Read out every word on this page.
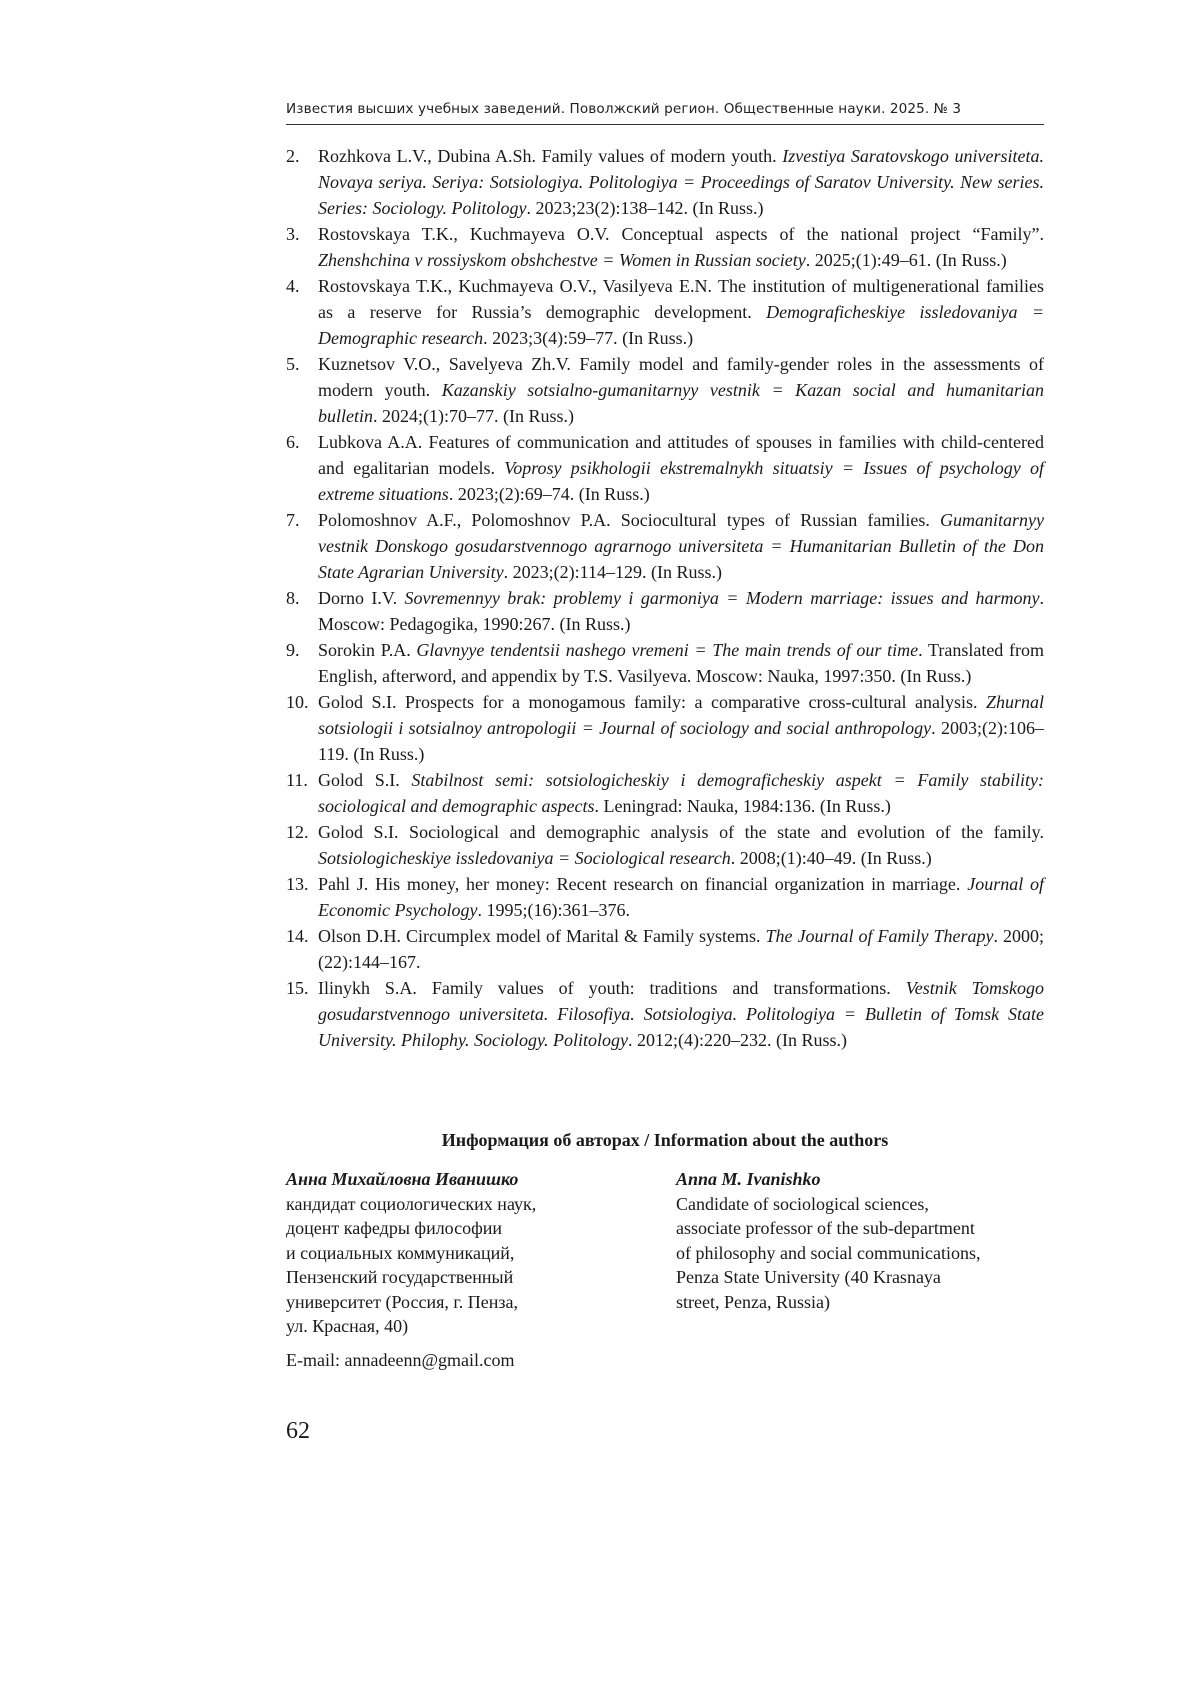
Известия высших учебных заведений. Поволжский регион. Общественные науки. 2025. № 3
2. Rozhkova L.V., Dubina A.Sh. Family values of modern youth. Izvestiya Saratovskogo universiteta. Novaya seriya. Seriya: Sotsiologiya. Politologiya = Proceedings of Saratov University. New series. Series: Sociology. Politology. 2023;23(2):138–142. (In Russ.)
3. Rostovskaya T.K., Kuchmayeva O.V. Conceptual aspects of the national project “Family”. Zhenshchina v rossiyskom obshchestve = Women in Russian society. 2025;(1):49–61. (In Russ.)
4. Rostovskaya T.K., Kuchmayeva O.V., Vasilyeva E.N. The institution of multigenerational families as a reserve for Russia’s demographic development. Demograficheskiye issledovaniya = Demographic research. 2023;3(4):59–77. (In Russ.)
5. Kuznetsov V.O., Savelyeva Zh.V. Family model and family-gender roles in the assessments of modern youth. Kazanskiy sotsialno-gumanitarnyy vestnik = Kazan social and humanitarian bulletin. 2024;(1):70–77. (In Russ.)
6. Lubkova A.A. Features of communication and attitudes of spouses in families with child-centered and egalitarian models. Voprosy psikhologii ekstremalnykh situatsiy = Issues of psychology of extreme situations. 2023;(2):69–74. (In Russ.)
7. Polomoshnov A.F., Polomoshnov P.A. Sociocultural types of Russian families. Gumanitarnyy vestnik Donskogo gosudarstvennogo agrarnogo universiteta = Humanitarian Bulletin of the Don State Agrarian University. 2023;(2):114–129. (In Russ.)
8. Dorno I.V. Sovremennyy brak: problemy i garmoniya = Modern marriage: issues and harmony. Moscow: Pedagogika, 1990:267. (In Russ.)
9. Sorokin P.A. Glavnyye tendentsii nashego vremeni = The main trends of our time. Translated from English, afterword, and appendix by T.S. Vasilyeva. Moscow: Nauka, 1997:350. (In Russ.)
10. Golod S.I. Prospects for a monogamous family: a comparative cross-cultural analysis. Zhurnal sotsiologii i sotsialnoy antropologii = Journal of sociology and social anthropology. 2003;(2):106–119. (In Russ.)
11. Golod S.I. Stabilnost semi: sotsiologicheskiy i demograficheskiy aspekt = Family stability: sociological and demographic aspects. Leningrad: Nauka, 1984:136. (In Russ.)
12. Golod S.I. Sociological and demographic analysis of the state and evolution of the family. Sotsiologicheskiye issledovaniya = Sociological research. 2008;(1):40–49. (In Russ.)
13. Pahl J. His money, her money: Recent research on financial organization in marriage. Journal of Economic Psychology. 1995;(16):361–376.
14. Olson D.H. Circumplex model of Marital & Family systems. The Journal of Family Therapy. 2000;(22):144–167.
15. Ilinykh S.A. Family values of youth: traditions and transformations. Vestnik Tomskogo gosudarstvennogo universiteta. Filosofiya. Sotsiologiya. Politologiya = Bulletin of Tomsk State University. Philophy. Sociology. Politology. 2012;(4):220–232. (In Russ.)
Информация об авторах / Information about the authors
Анна Михайловна Иванишко
кандидат социологических наук,
доцент кафедры философии
и социальных коммуникаций,
Пензенский государственный
университет (Россия, г. Пенза,
ул. Красная, 40)
E-mail: annadeenn@gmail.com
Anna M. Ivanishko
Candidate of sociological sciences,
associate professor of the sub-department
of philosophy and social communications,
Penza State University (40 Krasnaya
street, Penza, Russia)
62
